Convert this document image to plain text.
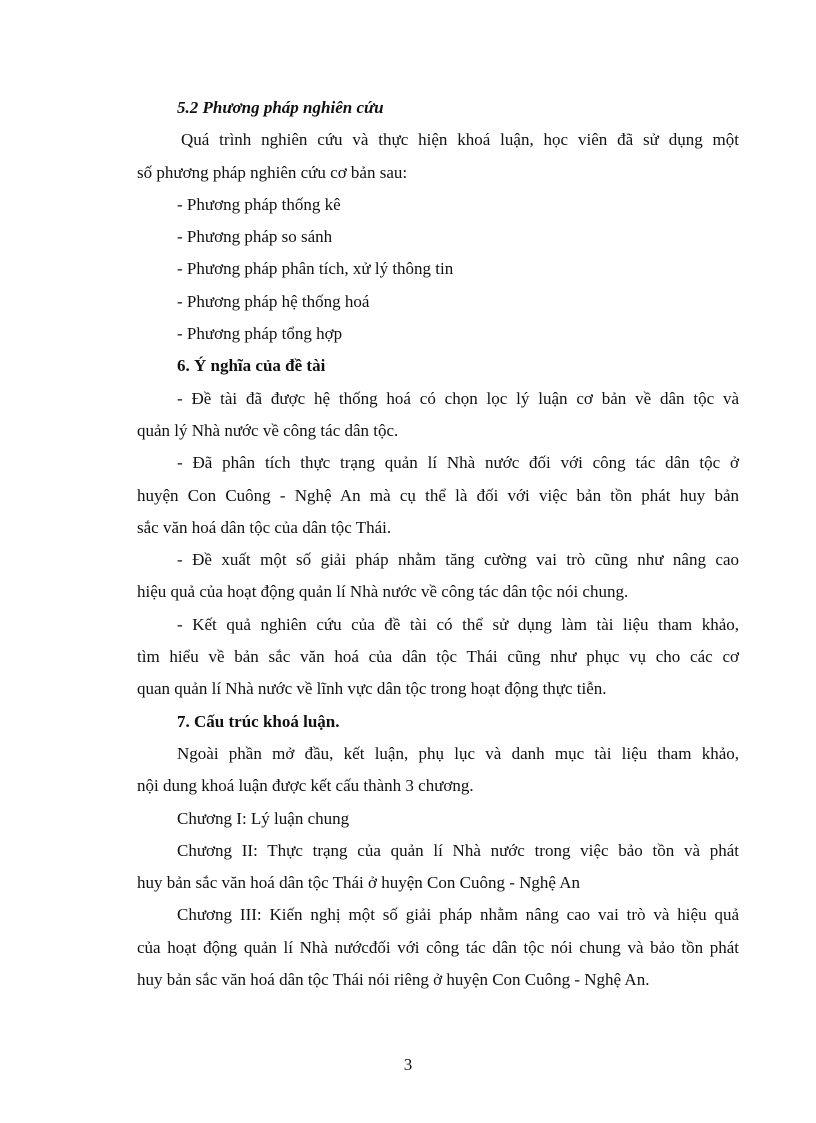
5.2 Phương pháp nghiên cứu
Quá trình nghiên cứu và thực hiện khoá luận, học viên đã sử dụng một
số phương pháp nghiên cứu cơ bản sau:
- Phương pháp thống kê
- Phương pháp so sánh
- Phương pháp phân tích, xử lý thông tin
- Phương pháp hệ thống hoá
- Phương pháp tổng hợp
6. Ý nghĩa của đề tài
- Đề tài đã được hệ thống hoá có chọn lọc lý luận cơ bản về dân tộc và
quản lý Nhà nước về công tác dân tộc.
- Đã phân tích thực trạng quản lí Nhà nước đối với công tác dân tộc ở
huyện Con Cuông - Nghệ An mà cụ thể là đối với việc bản tồn phát huy bản
sắc văn hoá dân tộc của dân tộc Thái.
- Đề xuất một số giải pháp nhằm tăng cường vai trò cũng như nâng cao
hiệu quả của hoạt động quản lí Nhà nước về công tác dân tộc nói chung.
- Kết quả nghiên cứu của đề tài có thể sử dụng làm tài liệu tham khảo,
tìm hiểu về bản sắc văn hoá của dân tộc Thái cũng như phục vụ cho các cơ
quan quản lí Nhà nước về lĩnh vực dân tộc trong hoạt động thực tiễn.
7. Cấu trúc khoá luận.
Ngoài phần mở đầu, kết luận, phụ lục và danh mục tài liệu tham khảo,
nội dung khoá luận được kết cấu thành 3 chương.
Chương I: Lý luận chung
Chương II: Thực trạng của quản lí Nhà nước trong việc bảo tồn và phát
huy bản sắc văn hoá dân tộc Thái ở huyện Con Cuông - Nghệ An
Chương III: Kiến nghị một số giải pháp nhằm nâng cao vai trò và hiệu quả
của hoạt động quản lí Nhà nướcđối với công tác dân tộc nói chung và bảo tồn phát
huy bản sắc văn hoá dân tộc Thái nói riêng ở huyện Con Cuông - Nghệ An.
3
